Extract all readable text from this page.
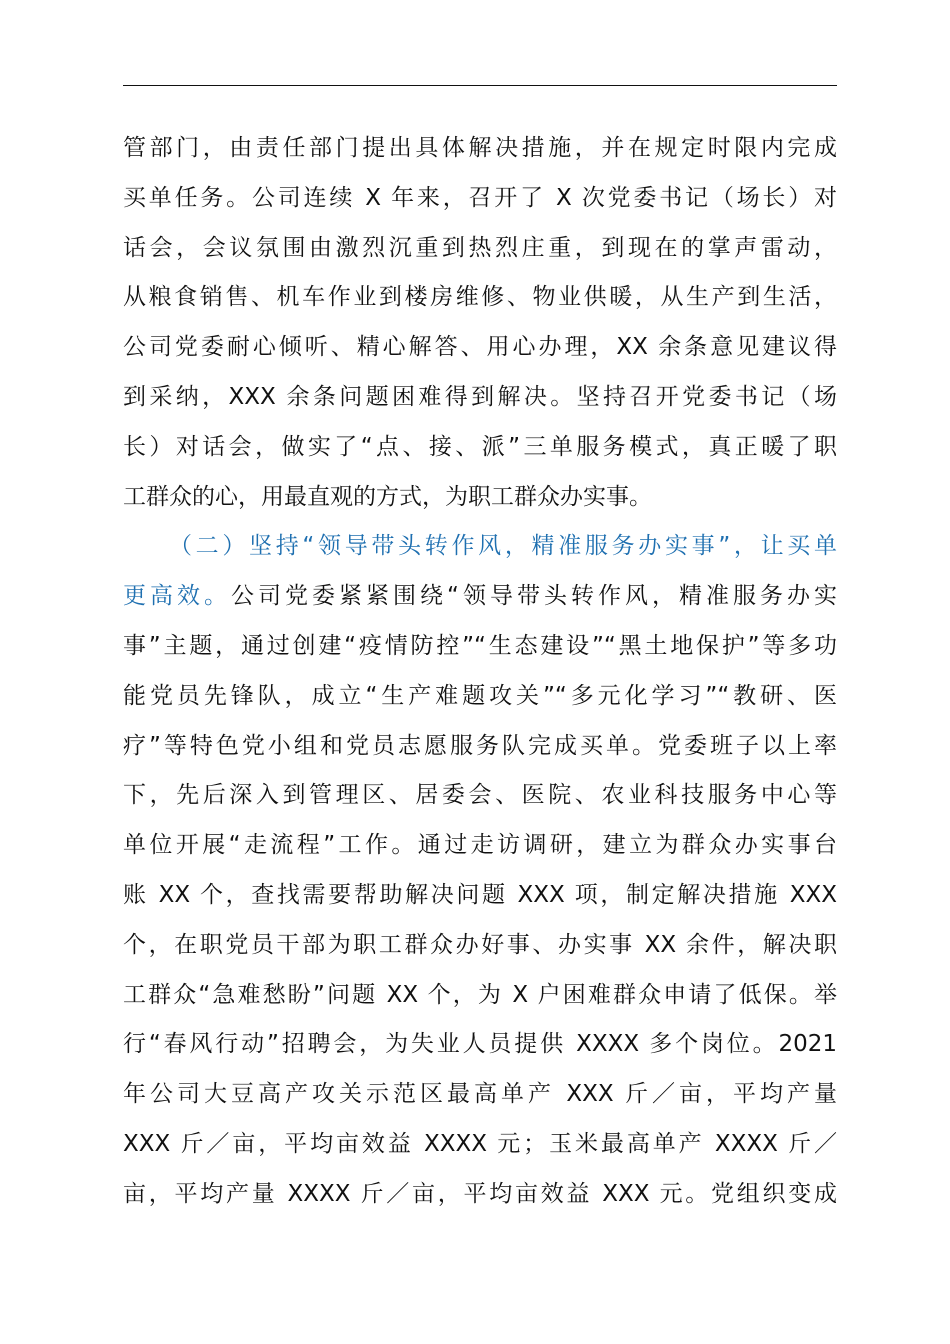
管部门，由责任部门提出具体解决措施，并在规定时限内完成
买单任务。公司连续 X 年来，召开了 X 次党委书记（场长）对
话会，会议氛围由激烈沉重到热烈庄重，到现在的掌声雷动，
从粮食销售、机车作业到楼房维修、物业供暖，从生产到生活，
公司党委耐心倾听、精心解答、用心办理，XX 余条意见建议得
到采纳，XXX 余条问题困难得到解决。坚持召开党委书记（场
长）对话会，做实了“点、接、派”三单服务模式，真正暖了职
工群众的心，用最直观的方式，为职工群众办实事。
（二）坚持“领导带头转作风，精准服务办实事”，让买单
更高效。公司党委紧紧围绕“领导带头转作风，精准服务办实
事”主题，通过创建“疫情防控”“生态建设”“黑土地保护”等多功
能党员先锋队，成立“生产难题攻关”“多元化学习”“教研、医
疗”等特色党小组和党员志愿服务队完成买单。党委班子以上率
下，先后深入到管理区、居委会、医院、农业科技服务中心等
单位开展“走流程”工作。通过走访调研，建立为群众办实事台
账 XX 个，查找需要帮助解决问题 XXX 项，制定解决措施 XXX
个，在职党员干部为职工群众办好事、办实事 XX 余件，解决职
工群众“急难愁盼”问题 XX 个，为 X 户困难群众申请了低保。举
行“春风行动”招聘会，为失业人员提供 XXXX 多个岗位。2021
年公司大豆高产攻关示范区最高单产 XXX 斤／亩，平均产量
XXX 斤／亩，平均亩效益 XXXX 元；玉米最高单产 XXXX 斤／
亩，平均产量 XXXX 斤／亩，平均亩效益 XXX 元。党组织变成
